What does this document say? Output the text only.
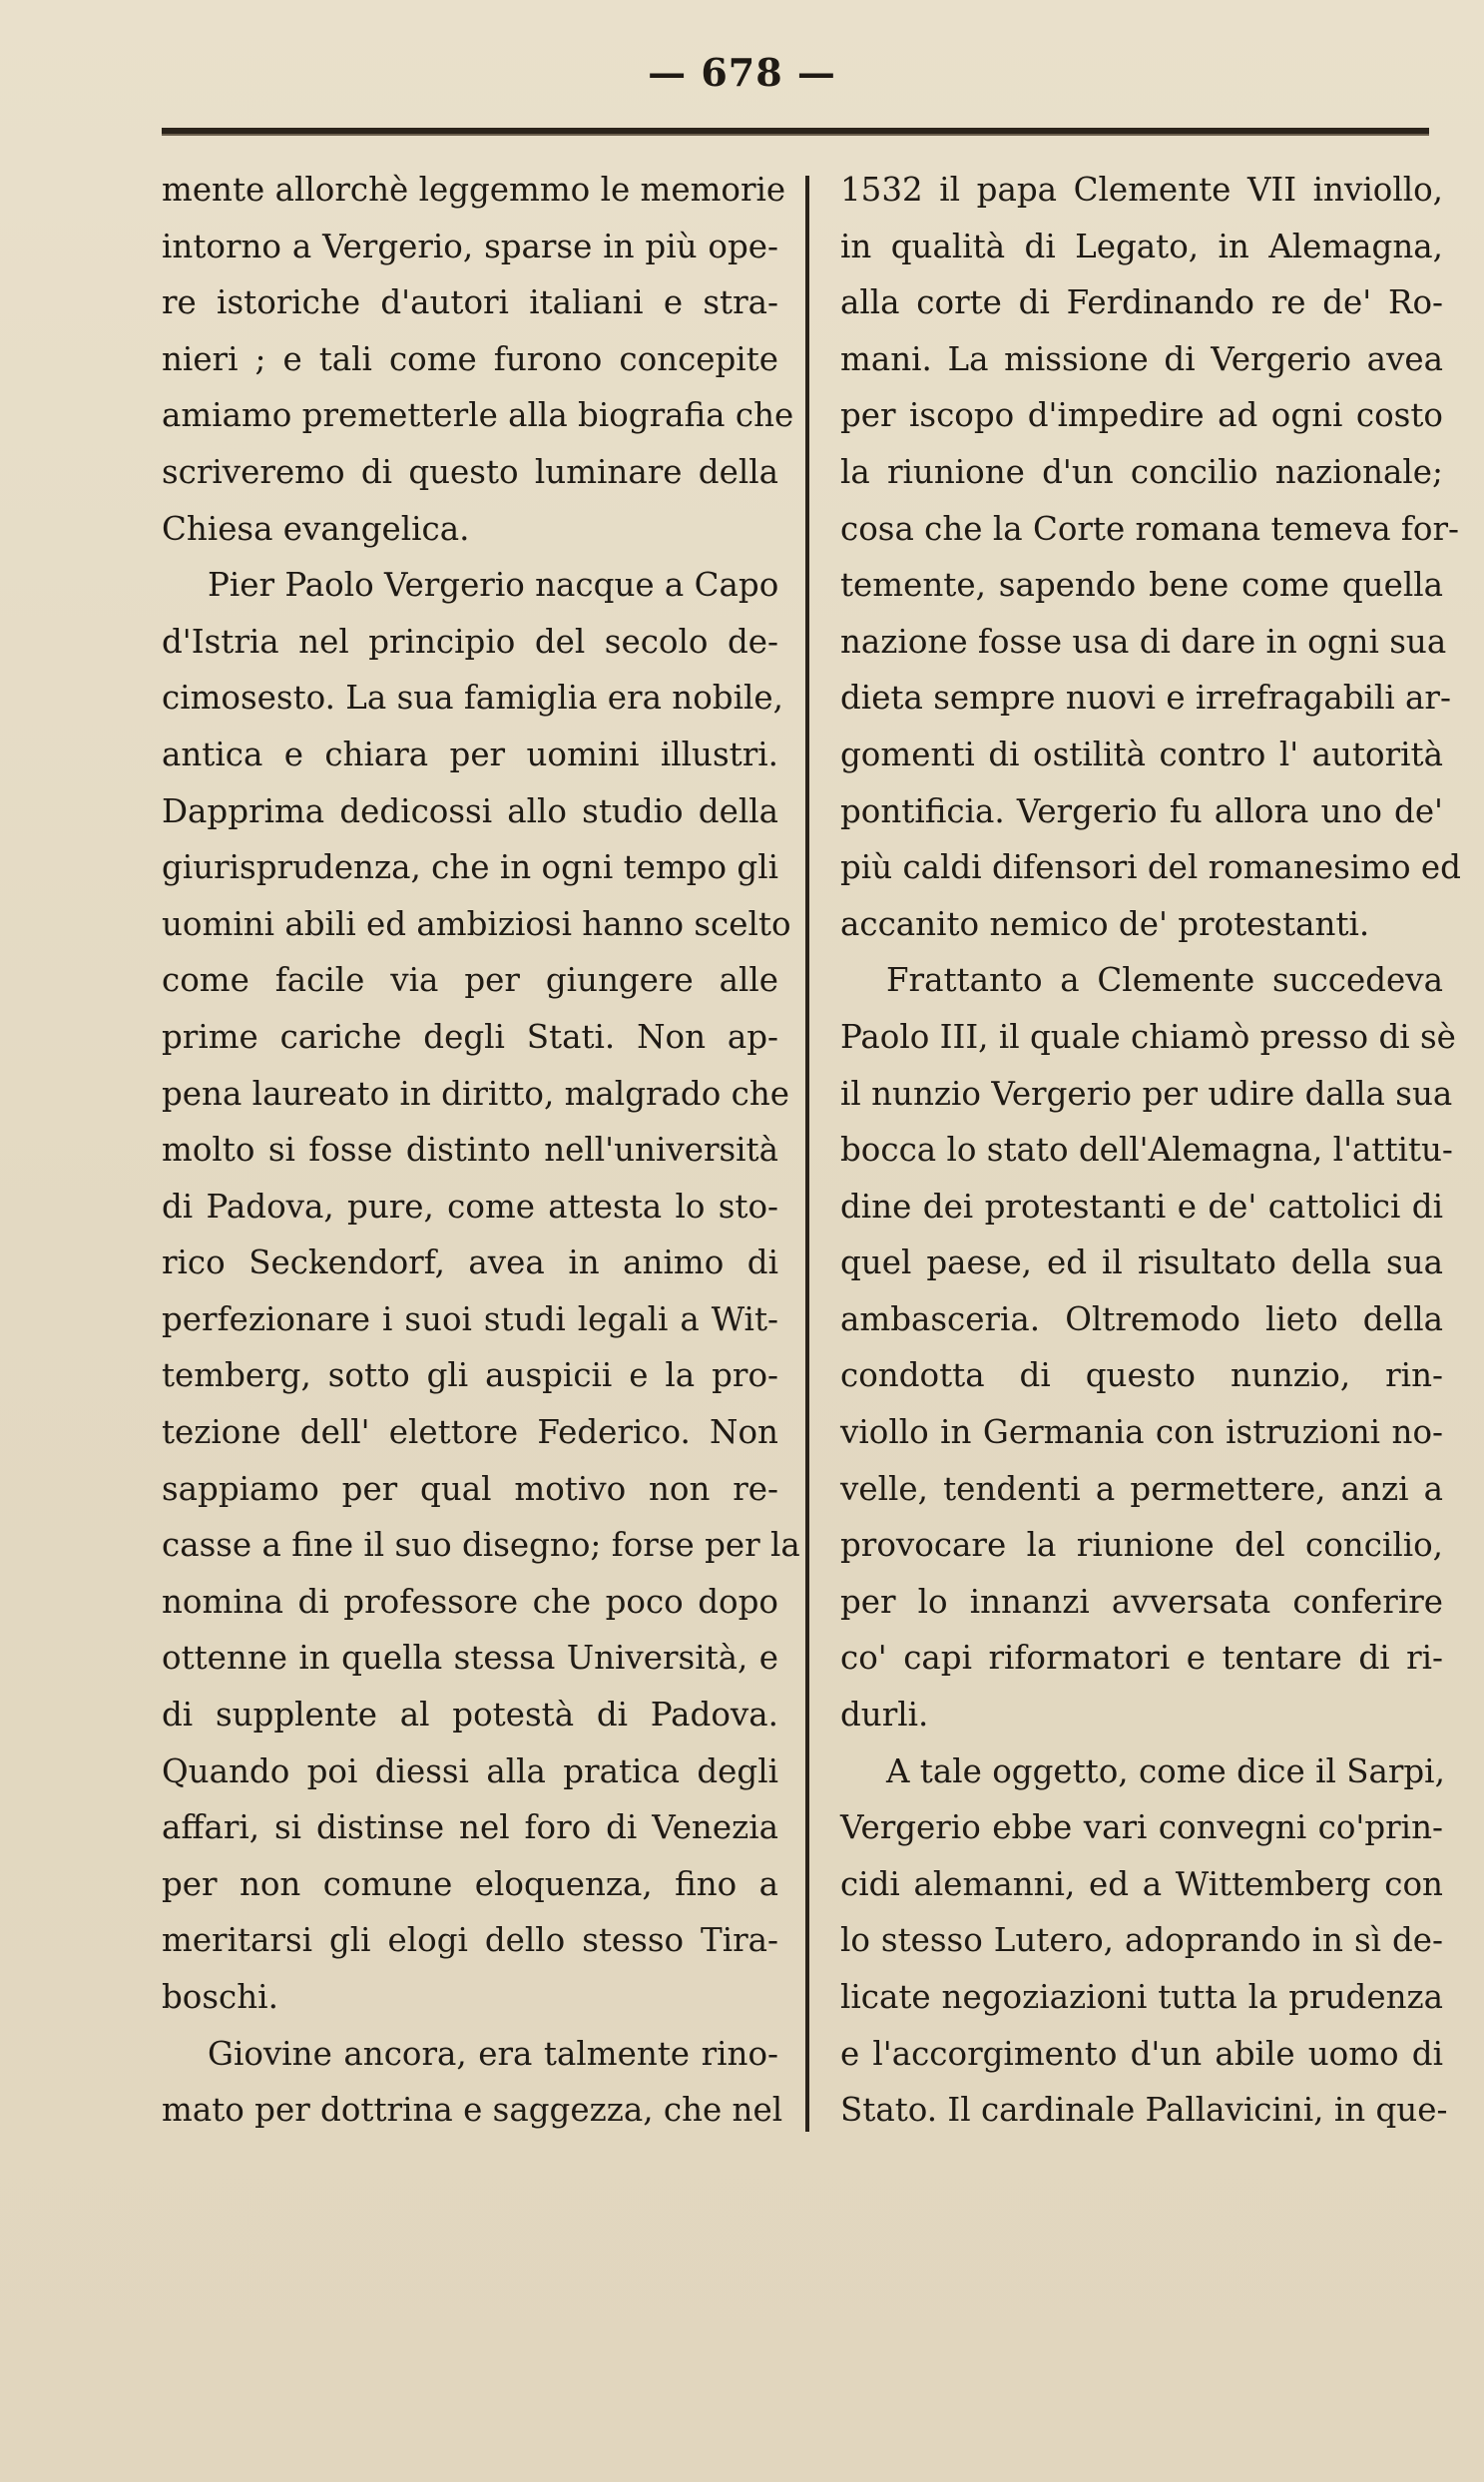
— 678 —
mente allorchè leggemmo le memorie
intorno a Vergerio, sparse in più ope-
re istoriche d'autori italiani e stra-
nieri ; e tali come furono concepite
amiamo premetterle alla biografia che
scriveremo di questo luminare della
Chiesa evangelica.
Pier Paolo Vergerio nacque a Capo
d'Istria nel principio del secolo de-
cimosesto. La sua famiglia era nobile,
antica e chiara per uomini illustri.
Dapprima dedicossi allo studio della
giurisprudenza, che in ogni tempo gli
uomini abili ed ambiziosi hanno scelto
come facile via per giungere alle
prime cariche degli Stati. Non ap-
pena laureato in diritto, malgrado che
molto si fosse distinto nell'università
di Padova, pure, come attesta lo sto-
rico Seckendorf, avea in animo di
perfezionare i suoi studi legali a Wit-
temberg, sotto gli auspicii e la pro-
tezione dell' elettore Federico. Non
sappiamo per qual motivo non re-
casse a fine il suo disegno; forse per la
nomina di professore che poco dopo
ottenne in quella stessa Università, e
di supplente al potestà di Padova.
Quando poi diessi alla pratica degli
affari, si distinse nel foro di Venezia
per non comune eloquenza, fino a
meritarsi gli elogi dello stesso Tira-
boschi.
Giovine ancora, era talmente rino-
mato per dottrina e saggezza, che nel
1532 il papa Clemente VII inviollo,
in qualità di Legato, in Alemagna,
alla corte di Ferdinando re de' Ro-
mani. La missione di Vergerio avea
per iscopo d'impedire ad ogni costo
la riunione d'un concilio nazionale;
cosa che la Corte romana temeva for-
temente, sapendo bene come quella
nazione fosse usa di dare in ogni sua
dieta sempre nuovi e irrefragabili ar-
gomenti di ostilità contro l' autorità
pontificia. Vergerio fu allora uno de'
più caldi difensori del romanesimo ed
accanito nemico de' protestanti.
Frattanto a Clemente succedeva
Paolo III, il quale chiamò presso di sè
il nunzio Vergerio per udire dalla sua
bocca lo stato dell'Alemagna, l'attitu-
dine dei protestanti e de' cattolici di
quel paese, ed il risultato della sua
ambasceria. Oltremodo lieto della
condotta di questo nunzio, rin-
viollo in Germania con istruzioni no-
velle, tendenti a permettere, anzi a
provocare la riunione del concilio,
per lo innanzi avversata conferire
co' capi riformatori e tentare di ri-
durli.
A tale oggetto, come dice il Sarpi,
Vergerio ebbe vari convegni co'prin-
cidi alemanni, ed a Wittemberg con
lo stesso Lutero, adoprando in sì de-
licate negoziazioni tutta la prudenza
e l'accorgimento d'un abile uomo di
Stato. Il cardinale Pallavicini, in que-
